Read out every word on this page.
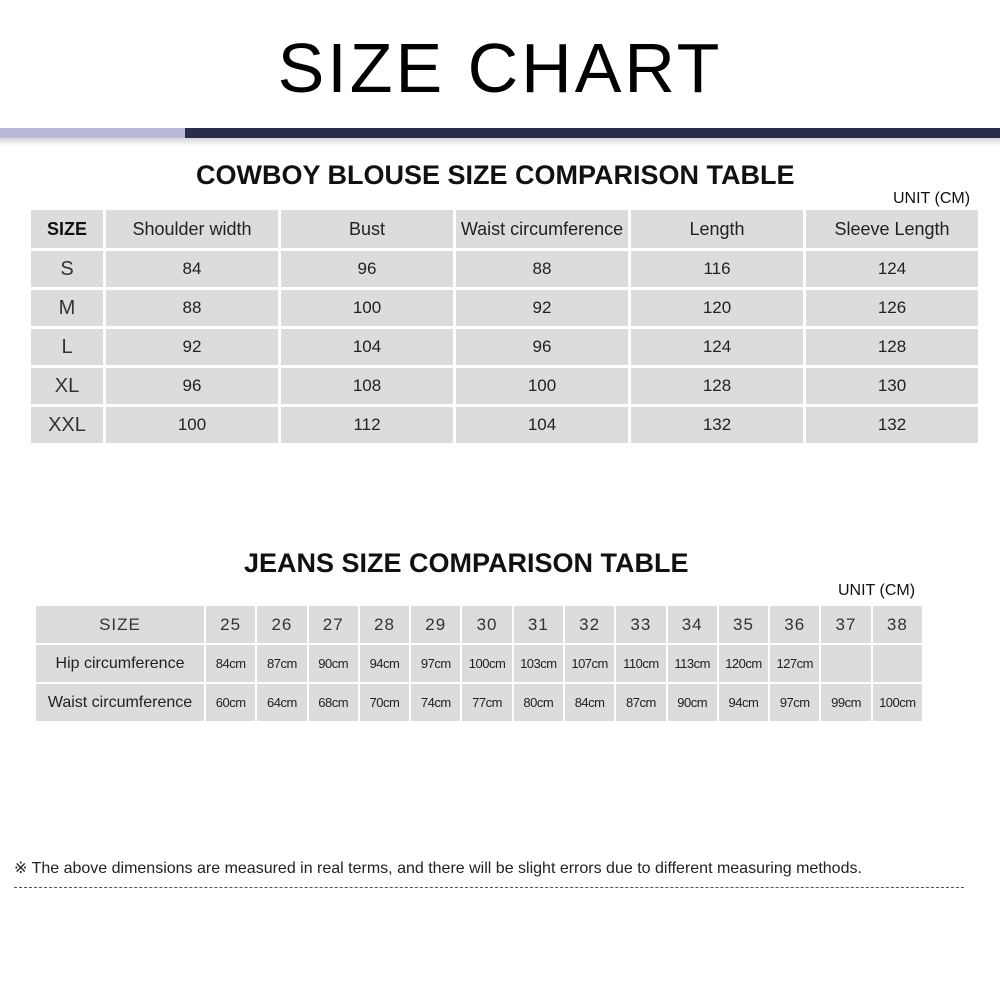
SIZE CHART
COWBOY BLOUSE SIZE COMPARISON TABLE
UNIT (CM)
SIZE	Shoulder width	Bust	Waist circumference	Length	Sleeve Length
S	84	96	88	116	124
M	88	100	92	120	126
L	92	104	96	124	128
XL	96	108	100	128	130
XXL	100	112	104	132	132
JEANS SIZE COMPARISON TABLE
UNIT (CM)
SIZE	25	26	27	28	29	30	31	32	33	34	35	36	37	38
Hip circumference	84cm	87cm	90cm	94cm	97cm	100cm	103cm	107cm	110cm	113cm	120cm	127cm		
Waist circumference	60cm	64cm	68cm	70cm	74cm	77cm	80cm	84cm	87cm	90cm	94cm	97cm	99cm	100cm
※ The above dimensions are measured in real terms, and there will be slight errors due to different measuring methods.
